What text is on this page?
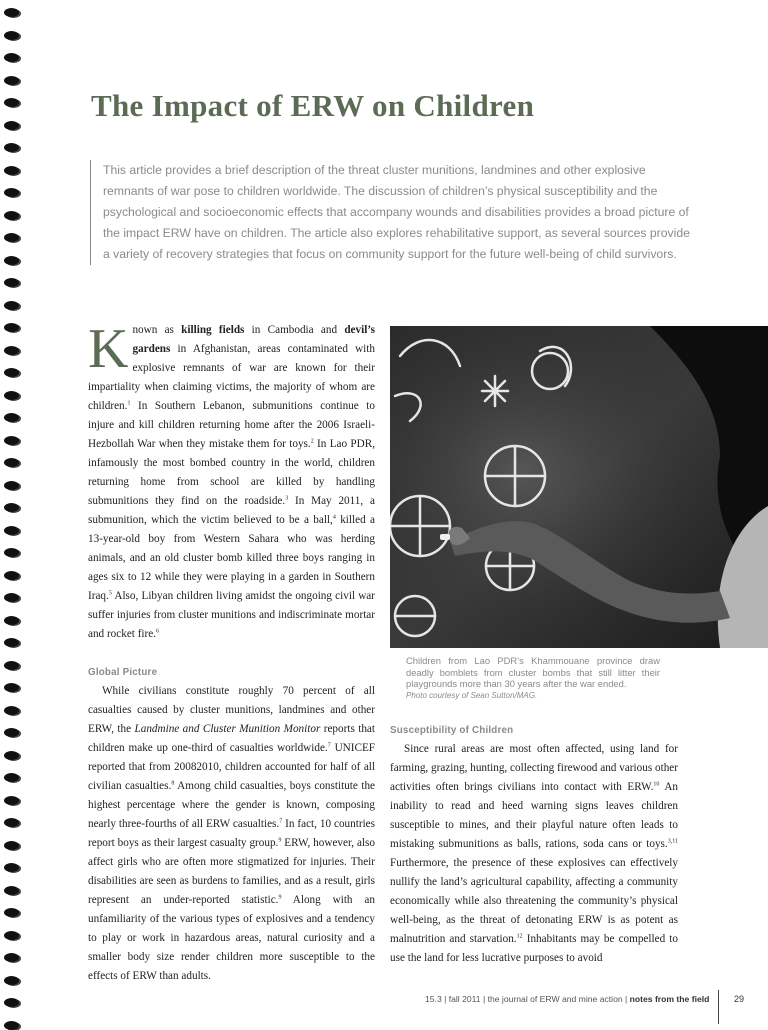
The Impact of ERW on Children
This article provides a brief description of the threat cluster munitions, landmines and other explosive remnants of war pose to children worldwide. The discussion of children’s physical susceptibility and the psychological and socioeconomic effects that accompany wounds and disabilities provides a broad picture of the impact ERW have on children. The article also explores rehabilitative support, as several sources provide a variety of recovery strategies that focus on community support for the future well-being of child survivors.

Known as killing fields in Cambodia and devil’s gardens in Afghanistan, areas contaminated with explosive remnants of war are known for their impartiality when claiming victims, the majority of whom are children.$^1$ In Southern Lebanon, submunitions continue to injure and kill children returning home after the 2006 Israeli-Hezbollah War when they mistake them for toys.$^2$ In Lao PDR, infamously the most bombed country in the world, children returning home from school are killed by handling submunitions they find on the roadside.$^3$ In May 2011, a submunition, which the victim believed to be a ball,$^4$ killed a 13-year-old boy from Western Sahara who was herding animals, and an old cluster bomb killed three boys ranging in ages six to 12 while they were playing in a garden in Southern Iraq.$^5$ Also, Libyan children living amidst the ongoing civil war suffer injuries from cluster munitions and indiscriminate mortar and rocket fire.$^6$

Global Picture

While civilians constitute roughly 70 percent of all casualties caused by cluster munitions, landmines and other ERW, the Landmine and Cluster Munition Monitor reports that children make up one-third of casualties worldwide.$^7$ UNICEF reported that from 20082010, children accounted for half of all civilian casualties.$^8$ Among child casualties, boys constitute the highest percentage where the gender is known, composing nearly three-fourths of all ERW casualties.$^7$ In fact, 10 countries report boys as their largest casualty group.$^9$ ERW, however, also affect girls who are often more stigmatized for injuries. Their disabilities are seen as burdens to families, and as a result, girls represent an under-reported statistic.$^9$ Along with an unfamiliarity of the various types of explosives and a tendency to play or work in hazardous areas, natural curiosity and a smaller body size render children more susceptible to the effects of ERW than adults.

Children from Lao PDR’s Khammouane province draw deadly bomblets from cluster bombs that still litter their playgrounds more than 30 years after the war ended.
Photo courtesy of Sean Sutton/MAG.

Susceptibility of Children

Since rural areas are most often affected, using land for farming, grazing, hunting, collecting firewood and various other activities often brings civilians into contact with ERW.$^{10}$ An inability to read and heed warning signs leaves children susceptible to mines, and their playful nature often leads to mistaking submunitions as balls, rations, soda cans or toys.$^{3,11}$ Furthermore, the presence of these explosives can effectively nullify the land’s agricultural capability, affecting a community economically while also threatening the community’s physical well-being, as the threat of detonating ERW is as potent as malnutrition and starvation.$^{12}$ Inhabitants may be compelled to use the land for less lucrative purposes to avoid

15.3 | fall 2011 | the journal of ERW and mine action | notes from the field	29
